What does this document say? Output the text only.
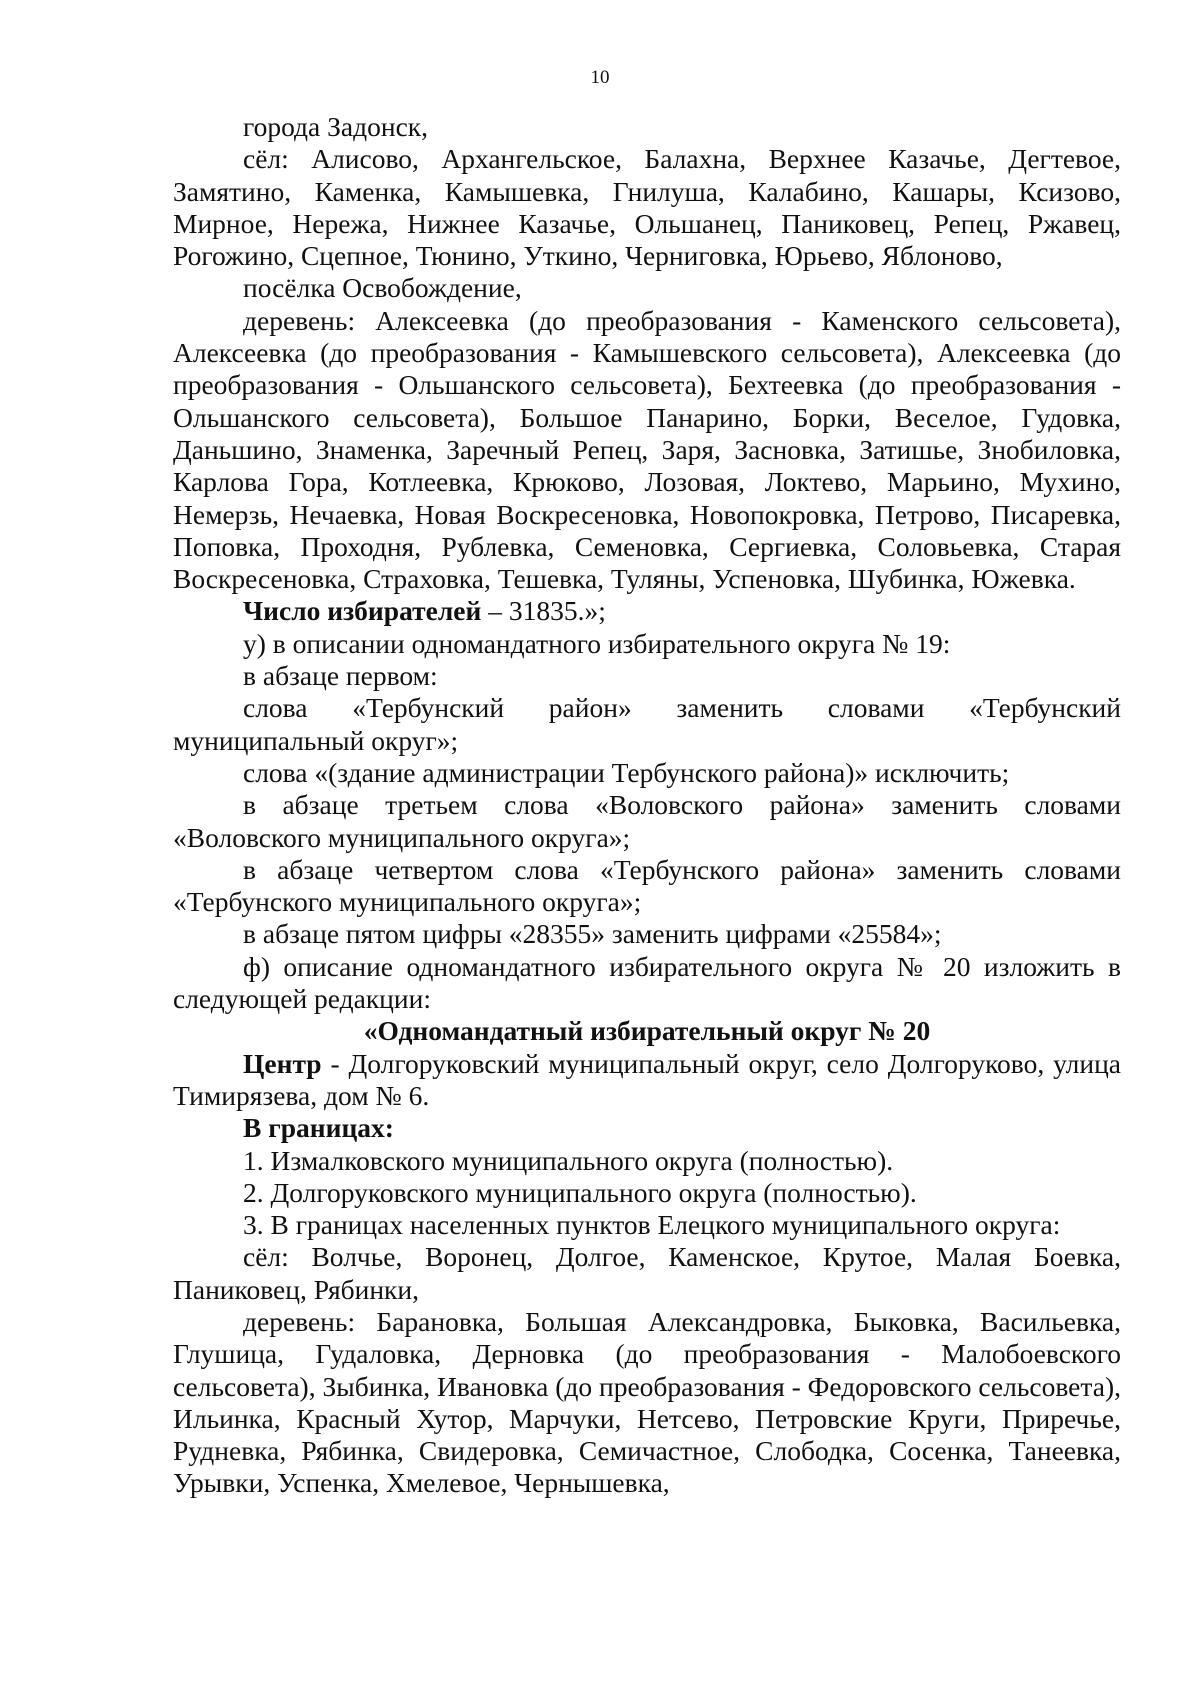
10

города Задонск,

сёл: Алисово, Архангельское, Балахна, Верхнее Казачье, Дегтевое, Замятино, Каменка, Камышевка, Гнилуша, Калабино, Кашары, Ксизово, Мирное, Нережа, Нижнее Казачье, Ольшанец, Паниковец, Репец, Ржавец, Рогожино, Сцепное, Тюнино, Уткино, Черниговка, Юрьево, Яблоново,

посёлка Освобождение,

деревень: Алексеевка (до преобразования - Каменского сельсовета), Алексеевка (до преобразования - Камышевского сельсовета), Алексеевка (до преобразования - Ольшанского сельсовета), Бехтеевка (до преобразования - Ольшанского сельсовета), Большое Панарино, Борки, Веселое, Гудовка, Даньшино, Знаменка, Заречный Репец, Заря, Засновка, Затишье, Знобиловка, Карлова Гора, Котлеевка, Крюково, Лозовая, Локтево, Марьино, Мухино, Немерзь, Нечаевка, Новая Воскресеновка, Новопокровка, Петрово, Писаревка, Поповка, Проходня, Рублевка, Семеновка, Сергиевка, Соловьевка, Старая Воскресеновка, Страховка, Тешевка, Туляны, Успеновка, Шубинка, Южевка.

Число избирателей – 31835.»;

у) в описании одномандатного избирательного округа № 19:

в абзаце первом:

слова «Тербунский район» заменить словами «Тербунский муниципальный округ»;

слова «(здание администрации Тербунского района)» исключить;

в абзаце третьем слова «Воловского района» заменить словами «Воловского муниципального округа»;

в абзаце четвертом слова «Тербунского района» заменить словами «Тербунского муниципального округа»;

в абзаце пятом цифры «28355» заменить цифрами «25584»;

ф) описание одномандатного избирательного округа № 20 изложить в следующей редакции:

«Одномандатный избирательный округ № 20

Центр - Долгоруковский муниципальный округ, село Долгоруково, улица Тимирязева, дом № 6.

В границах:

1. Измалковского муниципального округа (полностью).

2. Долгоруковского муниципального округа (полностью).

3. В границах населенных пунктов Елецкого муниципального округа:

сёл: Волчье, Воронец, Долгое, Каменское, Крутое, Малая Боевка, Паниковец, Рябинки,

деревень: Барановка, Большая Александровка, Быковка, Васильевка, Глушица, Гудаловка, Дерновка (до преобразования - Малобоевского сельсовета), Зыбинка, Ивановка (до преобразования - Федоровского сельсовета), Ильинка, Красный Хутор, Марчуки, Нетсево, Петровские Круги, Приречье, Рудневка, Рябинка, Свидеровка, Семичастное, Слободка, Сосенка, Танеевка, Урывки, Успенка, Хмелевое, Чернышевка,
